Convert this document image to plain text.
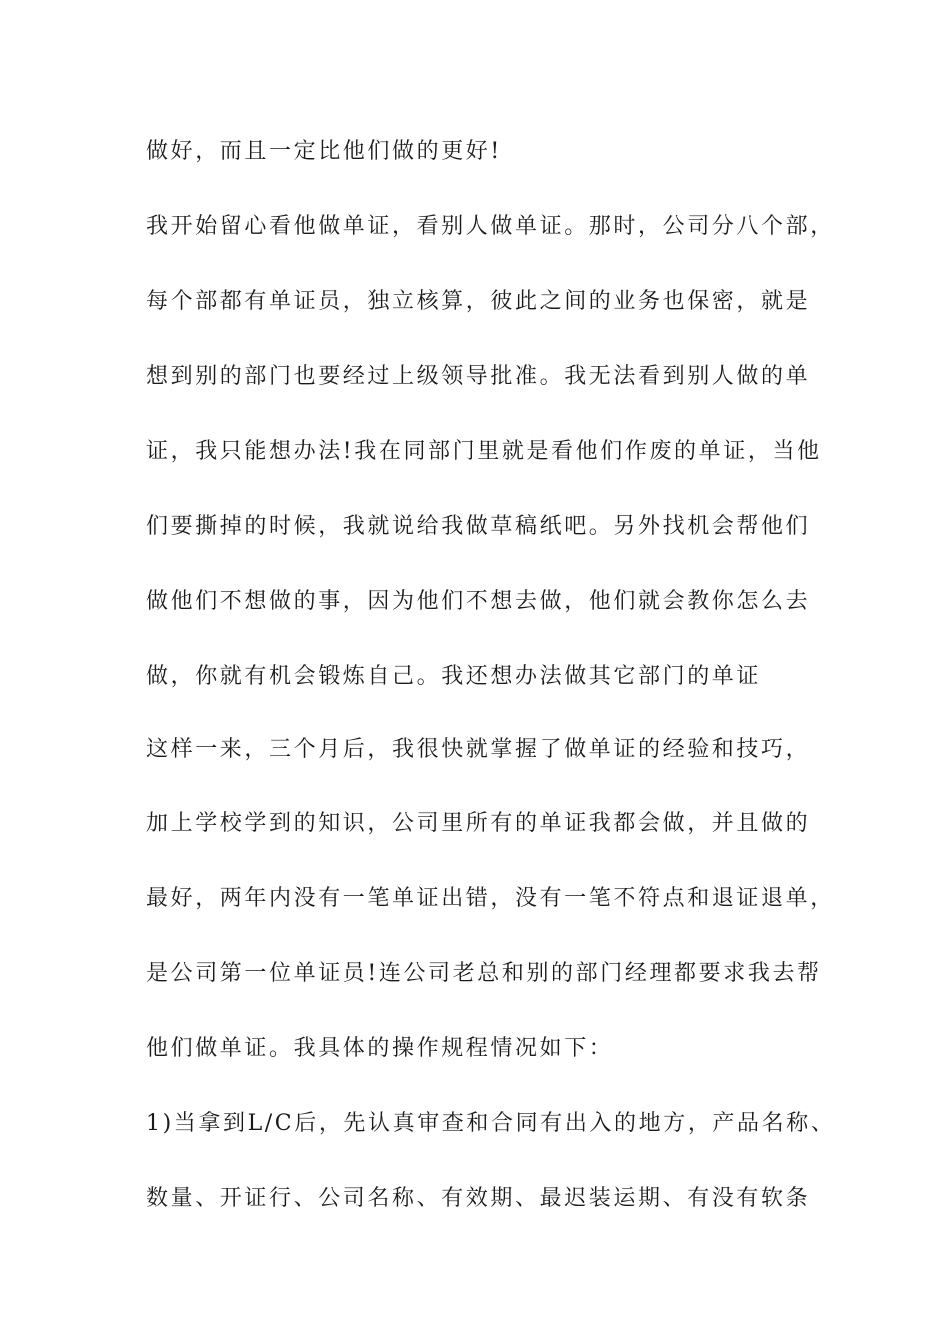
做好，而且一定比他们做的更好!
我开始留心看他做单证，看别人做单证。那时，公司分八个部，
每个部都有单证员，独立核算，彼此之间的业务也保密，就是
想到别的部门也要经过上级领导批准。我无法看到别人做的单
证，我只能想办法!我在同部门里就是看他们作废的单证，当他
们要撕掉的时候，我就说给我做草稿纸吧。另外找机会帮他们
做他们不想做的事，因为他们不想去做，他们就会教你怎么去
做，你就有机会锻炼自己。我还想办法做其它部门的单证
这样一来，三个月后，我很快就掌握了做单证的经验和技巧，
加上学校学到的知识，公司里所有的单证我都会做，并且做的
最好，两年内没有一笔单证出错，没有一笔不符点和退证退单，
是公司第一位单证员!连公司老总和别的部门经理都要求我去帮
他们做单证。我具体的操作规程情况如下：
1)当拿到L/C后，先认真审查和合同有出入的地方，产品名称、
数量、开证行、公司名称、有效期、最迟装运期、有没有软条
